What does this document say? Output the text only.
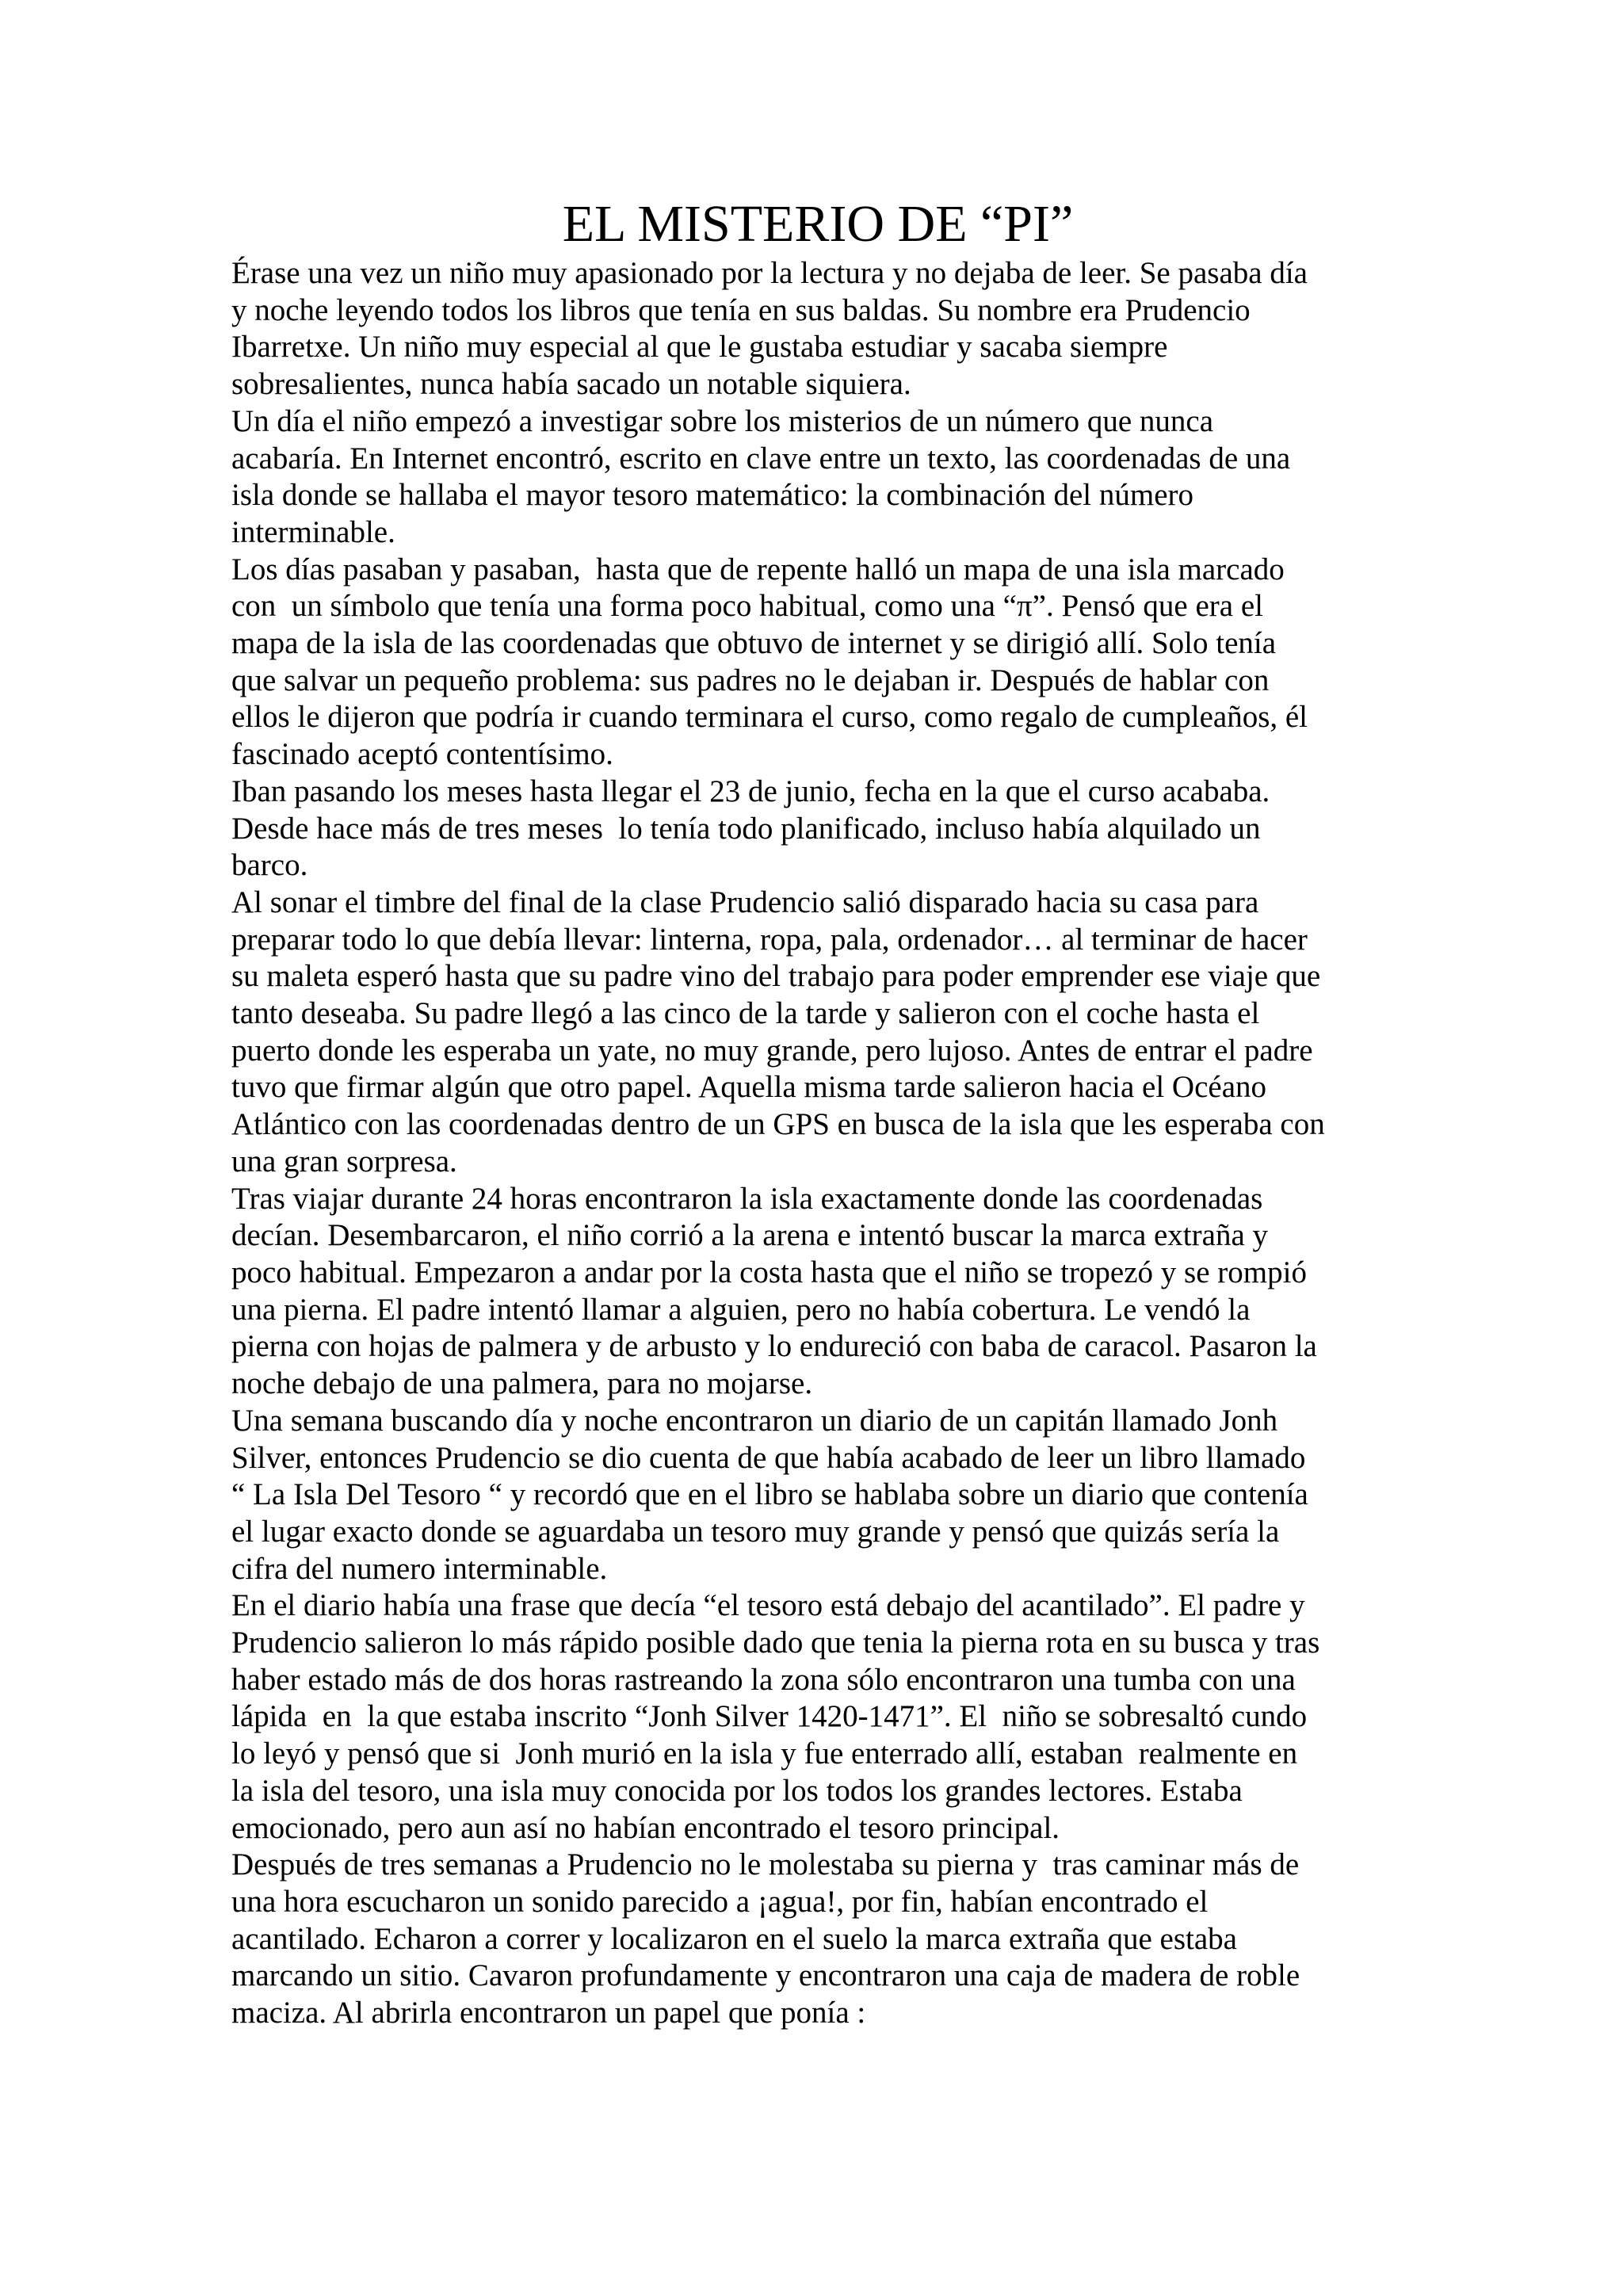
EL MISTERIO DE “PI”

Érase una vez un niño muy apasionado por la lectura y no dejaba de leer. Se pasaba día
y noche leyendo todos los libros que tenía en sus baldas. Su nombre era Prudencio
Ibarretxe. Un niño muy especial al que le gustaba estudiar y sacaba siempre
sobresalientes, nunca había sacado un notable siquiera.

Un día el niño empezó a investigar sobre los misterios de un número que nunca
acabaría. En Internet encontró, escrito en clave entre un texto, las coordenadas de una
isla donde se hallaba el mayor tesoro matemático: la combinación del número
interminable.

Los días pasaban y pasaban,  hasta que de repente halló un mapa de una isla marcado
con  un símbolo que tenía una forma poco habitual, como una “π”. Pensó que era el
mapa de la isla de las coordenadas que obtuvo de internet y se dirigió allí. Solo tenía
que salvar un pequeño problema: sus padres no le dejaban ir. Después de hablar con
ellos le dijeron que podría ir cuando terminara el curso, como regalo de cumpleaños, él
fascinado aceptó contentísimo.

Iban pasando los meses hasta llegar el 23 de junio, fecha en la que el curso acababa.
Desde hace más de tres meses  lo tenía todo planificado, incluso había alquilado un
barco.

Al sonar el timbre del final de la clase Prudencio salió disparado hacia su casa para
preparar todo lo que debía llevar: linterna, ropa, pala, ordenador… al terminar de hacer
su maleta esperó hasta que su padre vino del trabajo para poder emprender ese viaje que
tanto deseaba. Su padre llegó a las cinco de la tarde y salieron con el coche hasta el
puerto donde les esperaba un yate, no muy grande, pero lujoso. Antes de entrar el padre
tuvo que firmar algún que otro papel. Aquella misma tarde salieron hacia el Océano
Atlántico con las coordenadas dentro de un GPS en busca de la isla que les esperaba con
una gran sorpresa.

Tras viajar durante 24 horas encontraron la isla exactamente donde las coordenadas
decían. Desembarcaron, el niño corrió a la arena e intentó buscar la marca extraña y
poco habitual. Empezaron a andar por la costa hasta que el niño se tropezó y se rompió
una pierna. El padre intentó llamar a alguien, pero no había cobertura. Le vendó la
pierna con hojas de palmera y de arbusto y lo endureció con baba de caracol. Pasaron la
noche debajo de una palmera, para no mojarse.

Una semana buscando día y noche encontraron un diario de un capitán llamado Jonh
Silver, entonces Prudencio se dio cuenta de que había acabado de leer un libro llamado
“ La Isla Del Tesoro “ y recordó que en el libro se hablaba sobre un diario que contenía
el lugar exacto donde se aguardaba un tesoro muy grande y pensó que quizás sería la
cifra del numero interminable.

En el diario había una frase que decía “el tesoro está debajo del acantilado”. El padre y
Prudencio salieron lo más rápido posible dado que tenia la pierna rota en su busca y tras
haber estado más de dos horas rastreando la zona sólo encontraron una tumba con una
lápida  en  la que estaba inscrito “Jonh Silver 1420-1471”. El  niño se sobresaltó cundo
lo leyó y pensó que si  Jonh murió en la isla y fue enterrado allí, estaban  realmente en
la isla del tesoro, una isla muy conocida por los todos los grandes lectores. Estaba
emocionado, pero aun así no habían encontrado el tesoro principal.

Después de tres semanas a Prudencio no le molestaba su pierna y  tras caminar más de
una hora escucharon un sonido parecido a ¡agua!, por fin, habían encontrado el
acantilado. Echaron a correr y localizaron en el suelo la marca extraña que estaba
marcando un sitio. Cavaron profundamente y encontraron una caja de madera de roble
maciza. Al abrirla encontraron un papel que ponía :
